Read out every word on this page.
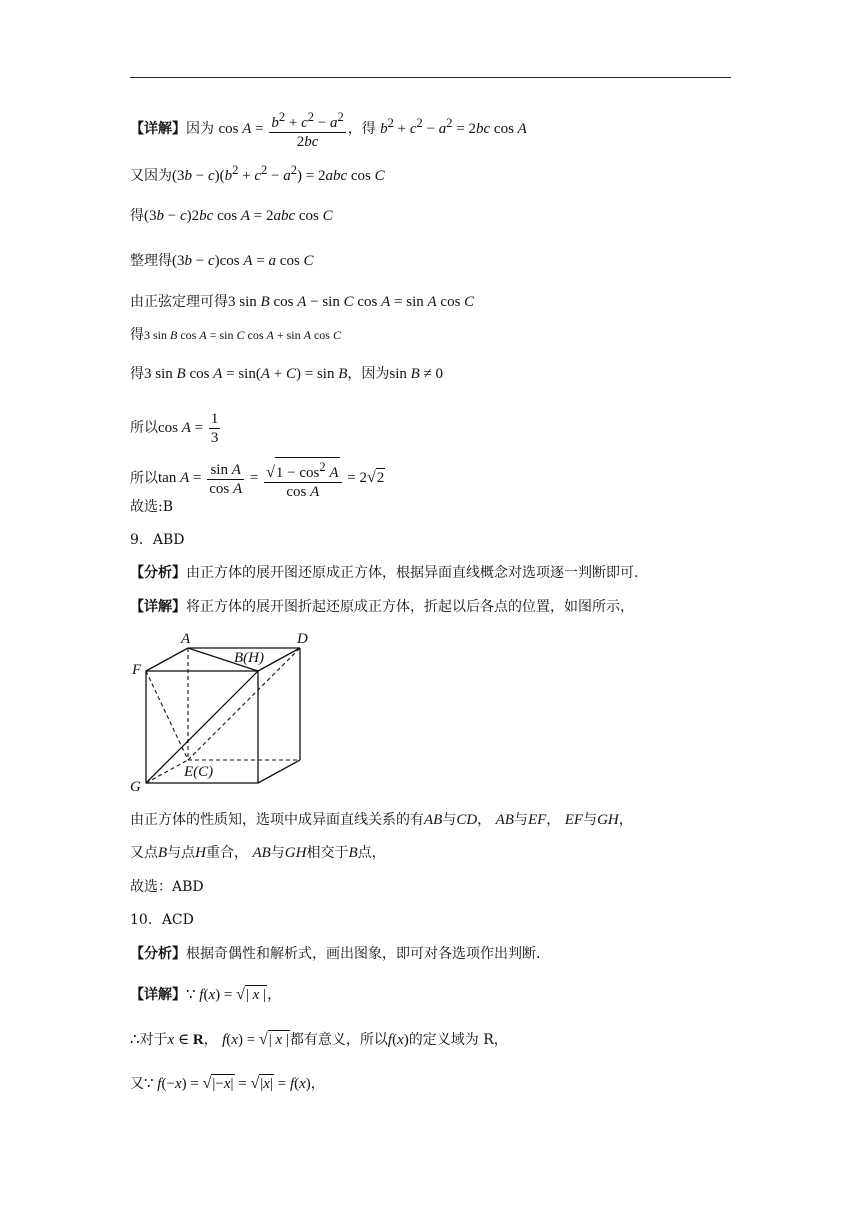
【详解】因为 $\cos A = \frac{b^2 + c^2 - a^2}{2bc}$ ，得 $b^2 + c^2 - a^2 = 2bc$ cos A
又因为$(3b - c)(b^2 + c^2 - a^2) = 2abc$ cos C
得(3b − c)2bc cos A = 2abc cos C
整理得(3b − c)cos A = a cos C
由正弦定理可得3 sin B cos A − sin C cos A = sin A cos C
得3 sin B cos A = sin C cos A + sin A cos C
得3 sin B cos A = sin(A + C) = sin B，因为sin B ≠ 0
所以$\cos A = \frac{1}{3}$
所以$\tan A = \frac{\text{sin A}}{\text{cos A}} = \frac{√1 - \cos^2 A}{\text{cos A}} = 2√2$
故选:B
9．ABD
【分析】由正方体的展开图还原成正方体，根据异面直线概念对选项逐一判断即可.
【详解】将正方体的展开图折起还原成正方体，折起以后各点的位置，如图所示，
A	D
B(H)
F
E(C)
G
由正方体的性质知，选项中成异面直线关系的有AB与CD， AB与EF， EF与GH，
又点B与点H重合， AB与GH相交于B点，
故选：ABD
10．ACD
【分析】根据奇偶性和解析式，画出图象，即可对各选项作出判断.
【详解】∵ f(x) = √| x |，
∴对于x ∈ R， f(x) = √| x |都有意义，所以f(x)的定义域为 R，
又∵ f(−x) = √|−x| = √|x| = f(x)，
